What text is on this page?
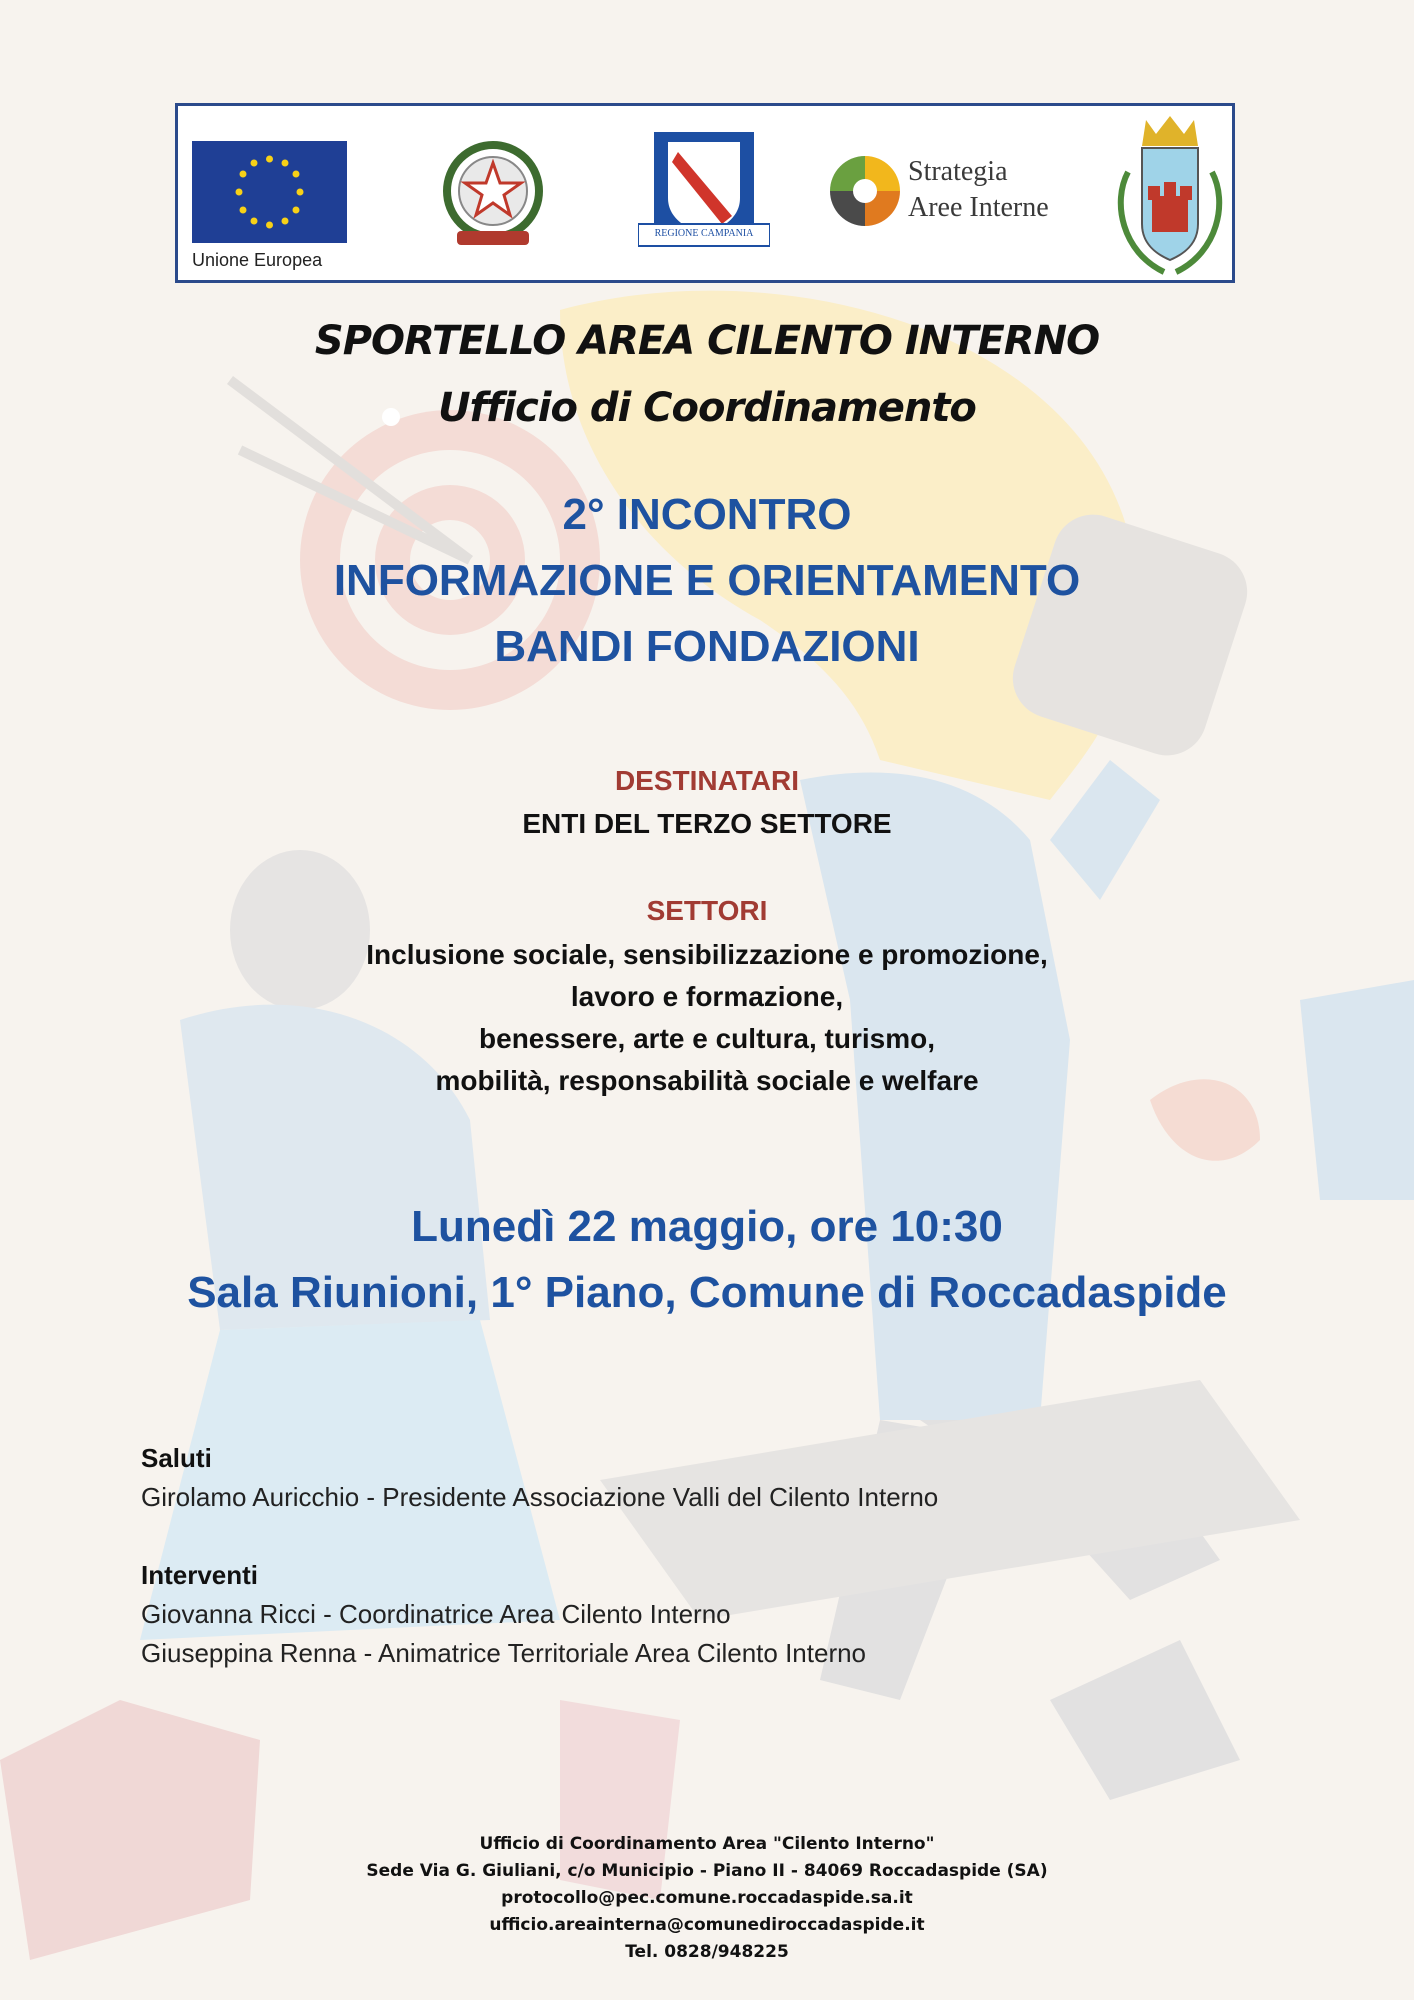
Unione Europea
REGIONE CAMPANIA
Strategia
Aree Interne
SPORTELLO AREA CILENTO INTERNO
Ufficio di Coordinamento
2° INCONTRO
INFORMAZIONE E ORIENTAMENTO
BANDI FONDAZIONI
DESTINATARI
ENTI DEL TERZO SETTORE
SETTORI
Inclusione sociale, sensibilizzazione e promozione,
lavoro e formazione,
benessere, arte e cultura, turismo,
mobilità, responsabilità sociale e welfare
Lunedì 22 maggio, ore 10:30
Sala Riunioni, 1° Piano, Comune di Roccadaspide
Saluti
Girolamo Auricchio - Presidente Associazione Valli del Cilento Interno
Interventi
Giovanna Ricci - Coordinatrice Area Cilento Interno
Giuseppina Renna - Animatrice Territoriale Area Cilento Interno
Ufficio di Coordinamento Area "Cilento Interno"
Sede Via G. Giuliani, c/o Municipio - Piano II - 84069 Roccadaspide (SA)
protocollo@pec.comune.roccadaspide.sa.it
ufficio.areainterna@comunediroccadaspide.it
Tel. 0828/948225
